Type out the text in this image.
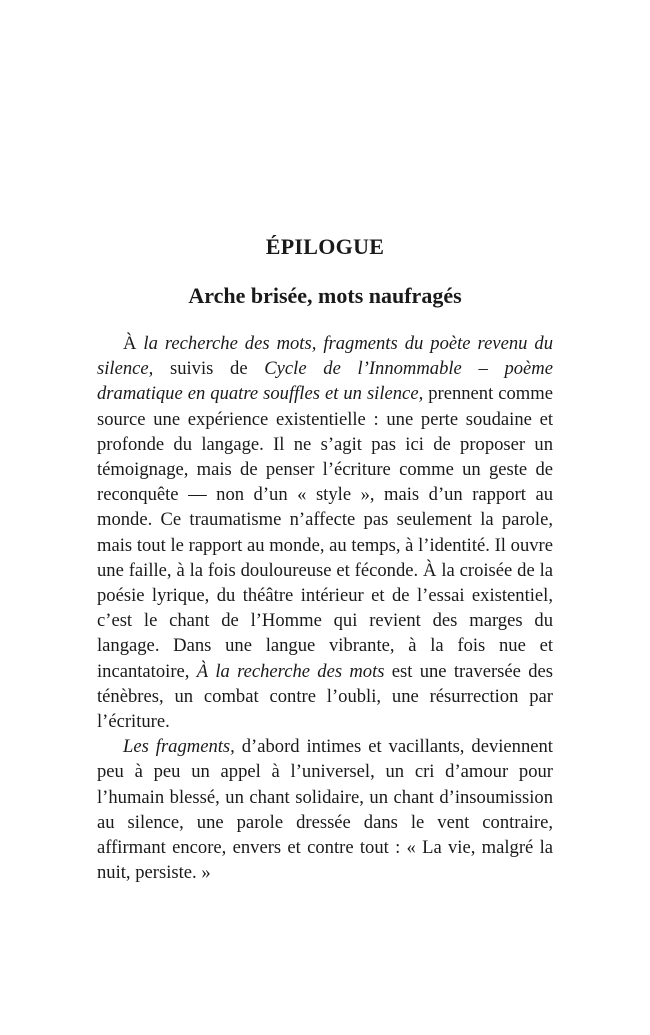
ÉPILOGUE
Arche brisée, mots naufragés

À la recherche des mots, fragments du poète revenu du silence, suivis de Cycle de l’Innommable – poème dramatique en quatre souffles et un silence, prennent comme source une expérience existentielle : une perte soudaine et profonde du langage. Il ne s’agit pas ici de proposer un témoignage, mais de penser l’écriture comme un geste de reconquête — non d’un « style », mais d’un rapport au monde. Ce traumatisme n’affecte pas seulement la parole, mais tout le rapport au monde, au temps, à l’identité. Il ouvre une faille, à la fois douloureuse et féconde. À la croisée de la poésie lyrique, du théâtre intérieur et de l’essai existentiel, c’est le chant de l’Homme qui revient des marges du langage. Dans une langue vibrante, à la fois nue et incantatoire, À la recherche des mots est une traversée des ténèbres, un combat contre l’oubli, une résurrection par l’écriture.

Les fragments, d’abord intimes et vacillants, deviennent peu à peu un appel à l’universel, un cri d’amour pour l’humain blessé, un chant solidaire, un chant d’insoumission au silence, une parole dressée dans le vent contraire, affirmant encore, envers et contre tout : « La vie, malgré la nuit, persiste. »
